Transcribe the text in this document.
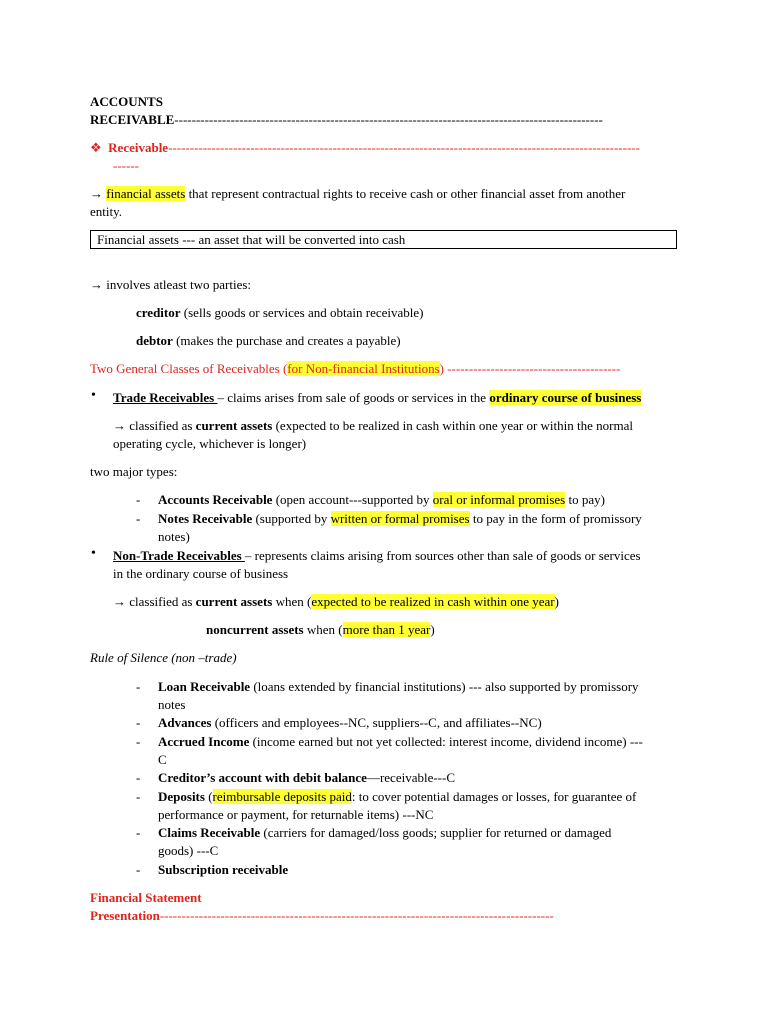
ACCOUNTS
RECEIVABLE---------------------------------------------------------------------------------------------------
❖ Receivable-------------------------------------------------------------------------------------------------------------
------
→ financial assets that represent contractual rights to receive cash or other financial asset from another
entity.
Financial assets --- an asset that will be converted into cash
→ involves atleast two parties:
creditor (sells goods or services and obtain receivable)
debtor (makes the purchase and creates a payable)
Two General Classes of Receivables (for Non-financial Institutions) ----------------------------------------
• Trade Receivables – claims arises from sale of goods or services in the ordinary course of business
→ classified as current assets (expected to be realized in cash within one year or within the normal
operating cycle, whichever is longer)
two major types:
-	Accounts Receivable (open account---supported by oral or informal promises to pay)
-	Notes Receivable (supported by written or formal promises to pay in the form of promissory
notes)
• Non-Trade Receivables – represents claims arising from sources other than sale of goods or services
in the ordinary course of business
→ classified as current assets when (expected to be realized in cash within one year)
noncurrent assets when (more than 1 year)
Rule of Silence (non –trade)
-	Loan Receivable (loans extended by financial institutions) --- also supported by promissory
notes
-	Advances (officers and employees--NC, suppliers--C, and affiliates--NC)
-	Accrued Income (income earned but not yet collected: interest income, dividend income) ---
C
-	Creditor’s account with debit balance—receivable---C
-	Deposits (reimbursable deposits paid: to cover potential damages or losses, for guarantee of
performance or payment, for returnable items) ---NC
-	Claims Receivable (carriers for damaged/loss goods; supplier for returned or damaged
goods) ---C
-	Subscription receivable
Financial Statement
Presentation-------------------------------------------------------------------------------------------
